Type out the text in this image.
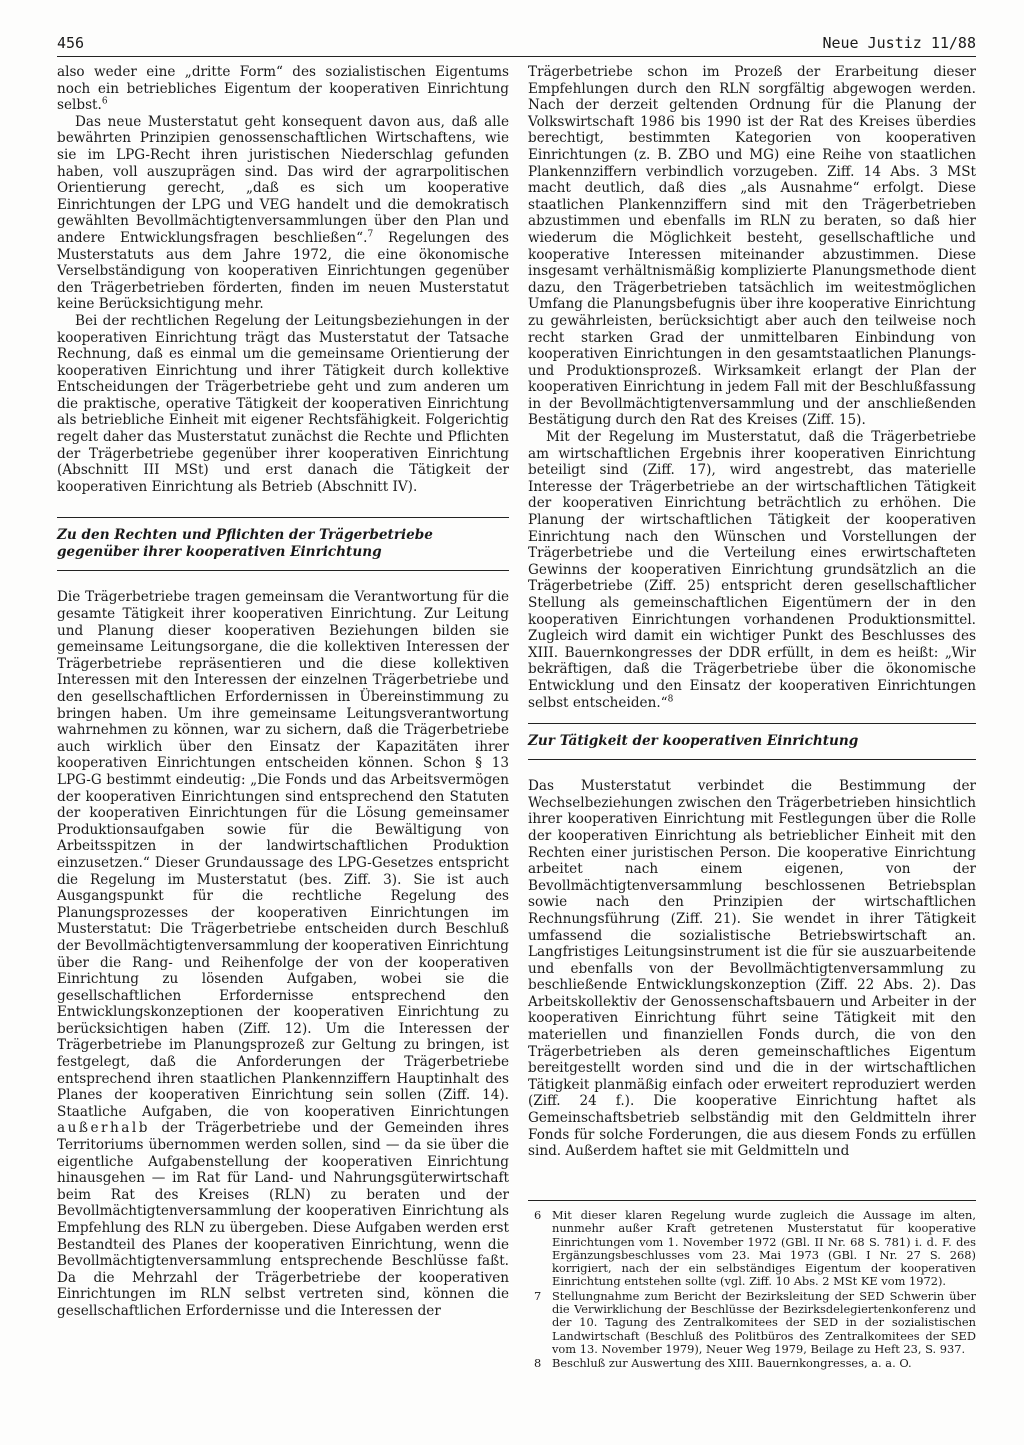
456	Neue Justiz 11/88

also weder eine „dritte Form“ des sozialistischen Eigentums noch ein betriebliches Eigentum der kooperativen Einrichtung selbst.$^6$

Das neue Musterstatut geht konsequent davon aus, daß alle bewährten Prinzipien genossenschaftlichen Wirtschaftens, wie sie im LPG-Recht ihren juristischen Niederschlag gefunden haben, voll auszuprägen sind. Das wird der agrarpolitischen Orientierung gerecht, „daß es sich um kooperative Einrichtungen der LPG und VEG handelt und die demokratisch gewählten Bevollmächtigtenversammlungen über den Plan und andere Entwicklungsfragen beschließen“.$^7$ Regelungen des Musterstatuts aus dem Jahre 1972, die eine ökonomische Verselbständigung von kooperativen Einrichtungen gegenüber den Trägerbetrieben förderten, finden im neuen Musterstatut keine Berücksichtigung mehr.

Bei der rechtlichen Regelung der Leitungsbeziehungen in der kooperativen Einrichtung trägt das Musterstatut der Tatsache Rechnung, daß es einmal um die gemeinsame Orientierung der kooperativen Einrichtung und ihrer Tätigkeit durch kollektive Entscheidungen der Trägerbetriebe geht und zum anderen um die praktische, operative Tätigkeit der kooperativen Einrichtung als betriebliche Einheit mit eigener Rechtsfähigkeit. Folgerichtig regelt daher das Musterstatut zunächst die Rechte und Pflichten der Trägerbetriebe gegenüber ihrer kooperativen Einrichtung (Abschnitt III MSt) und erst danach die Tätigkeit der kooperativen Einrichtung als Betrieb (Abschnitt IV).

Zu den Rechten und Pflichten der Trägerbetriebe
gegenüber ihrer kooperativen Einrichtung

Die Trägerbetriebe tragen gemeinsam die Verantwortung für die gesamte Tätigkeit ihrer kooperativen Einrichtung. Zur Leitung und Planung dieser kooperativen Beziehungen bilden sie gemeinsame Leitungsorgane, die die kollektiven Interessen der Trägerbetriebe repräsentieren und die diese kollektiven Interessen mit den Interessen der einzelnen Trägerbetriebe und den gesellschaftlichen Erfordernissen in Übereinstimmung zu bringen haben. Um ihre gemeinsame Leitungsverantwortung wahrnehmen zu können, war zu sichern, daß die Trägerbetriebe auch wirklich über den Einsatz der Kapazitäten ihrer kooperativen Einrichtungen entscheiden können. Schon § 13 LPG-G bestimmt eindeutig: „Die Fonds und das Arbeitsvermögen der kooperativen Einrichtungen sind entsprechend den Statuten der kooperativen Einrichtungen für die Lösung gemeinsamer Produktionsaufgaben sowie für die Bewältigung von Arbeitsspitzen in der landwirtschaftlichen Produktion einzusetzen.“ Dieser Grundaussage des LPG-Gesetzes entspricht die Regelung im Musterstatut (bes. Ziff. 3). Sie ist auch Ausgangspunkt für die rechtliche Regelung des Planungsprozesses der kooperativen Einrichtungen im Musterstatut: Die Trägerbetriebe entscheiden durch Beschluß der Bevollmächtigtenversammlung der kooperativen Einrichtung über die Rang- und Reihenfolge der von der kooperativen Einrichtung zu lösenden Aufgaben, wobei sie die gesellschaftlichen Erfordernisse entsprechend den Entwicklungskonzeptionen der kooperativen Einrichtung zu berücksichtigen haben (Ziff. 12). Um die Interessen der Trägerbetriebe im Planungsprozeß zur Geltung zu bringen, ist festgelegt, daß die Anforderungen der Trägerbetriebe entsprechend ihren staatlichen Plankennziffern Hauptinhalt des Planes der kooperativen Einrichtung sein sollen (Ziff. 14). Staatliche Aufgaben, die von kooperativen Einrichtungen außerhalb der Trägerbetriebe und der Gemeinden ihres Territoriums übernommen werden sollen, sind — da sie über die eigentliche Aufgabenstellung der kooperativen Einrichtung hinausgehen — im Rat für Land- und Nahrungsgüterwirtschaft beim Rat des Kreises (RLN) zu beraten und der Bevollmächtigtenversammlung der kooperativen Einrichtung als Empfehlung des RLN zu übergeben. Diese Aufgaben werden erst Bestandteil des Planes der kooperativen Einrichtung, wenn die Bevollmächtigtenversammlung entsprechende Beschlüsse faßt. Da die Mehrzahl der Trägerbetriebe der kooperativen Einrichtungen im RLN selbst vertreten sind, können die gesellschaftlichen Erfordernisse und die Interessen der

Trägerbetriebe schon im Prozeß der Erarbeitung dieser Empfehlungen durch den RLN sorgfältig abgewogen werden. Nach der derzeit geltenden Ordnung für die Planung der Volkswirtschaft 1986 bis 1990 ist der Rat des Kreises überdies berechtigt, bestimmten Kategorien von kooperativen Einrichtungen (z. B. ZBO und MG) eine Reihe von staatlichen Plankennziffern verbindlich vorzugeben. Ziff. 14 Abs. 3 MSt macht deutlich, daß dies „als Ausnahme“ erfolgt. Diese staatlichen Plankennziffern sind mit den Trägerbetrieben abzustimmen und ebenfalls im RLN zu beraten, so daß hier wiederum die Möglichkeit besteht, gesellschaftliche und kooperative Interessen miteinander abzustimmen. Diese insgesamt verhältnismäßig komplizierte Planungsmethode dient dazu, den Trägerbetrieben tatsächlich im weitestmöglichen Umfang die Planungsbefugnis über ihre kooperative Einrichtung zu gewährleisten, berücksichtigt aber auch den teilweise noch recht starken Grad der unmittelbaren Einbindung von kooperativen Einrichtungen in den gesamtstaatlichen Planungs- und Produktionsprozeß. Wirksamkeit erlangt der Plan der kooperativen Einrichtung in jedem Fall mit der Beschlußfassung in der Bevollmächtigtenversammlung und der anschließenden Bestätigung durch den Rat des Kreises (Ziff. 15).

Mit der Regelung im Musterstatut, daß die Trägerbetriebe am wirtschaftlichen Ergebnis ihrer kooperativen Einrichtung beteiligt sind (Ziff. 17), wird angestrebt, das materielle Interesse der Trägerbetriebe an der wirtschaftlichen Tätigkeit der kooperativen Einrichtung beträchtlich zu erhöhen. Die Planung der wirtschaftlichen Tätigkeit der kooperativen Einrichtung nach den Wünschen und Vorstellungen der Trägerbetriebe und die Verteilung eines erwirtschafteten Gewinns der kooperativen Einrichtung grundsätzlich an die Trägerbetriebe (Ziff. 25) entspricht deren gesellschaftlicher Stellung als gemeinschaftlichen Eigentümern der in den kooperativen Einrichtungen vorhandenen Produktionsmittel. Zugleich wird damit ein wichtiger Punkt des Beschlusses des XIII. Bauernkongresses der DDR erfüllt, in dem es heißt: „Wir bekräftigen, daß die Trägerbetriebe über die ökonomische Entwicklung und den Einsatz der kooperativen Einrichtungen selbst entscheiden.“$^8$

Zur Tätigkeit der kooperativen Einrichtung

Das Musterstatut verbindet die Bestimmung der Wechselbeziehungen zwischen den Trägerbetrieben hinsichtlich ihrer kooperativen Einrichtung mit Festlegungen über die Rolle der kooperativen Einrichtung als betrieblicher Einheit mit den Rechten einer juristischen Person. Die kooperative Einrichtung arbeitet nach einem eigenen, von der Bevollmächtigtenversammlung beschlossenen Betriebsplan sowie nach den Prinzipien der wirtschaftlichen Rechnungsführung (Ziff. 21). Sie wendet in ihrer Tätigkeit umfassend die sozialistische Betriebswirtschaft an. Langfristiges Leitungsinstrument ist die für sie auszuarbeitende und ebenfalls von der Bevollmächtigtenversammlung zu beschließende Entwicklungskonzeption (Ziff. 22 Abs. 2). Das Arbeitskollektiv der Genossenschaftsbauern und Arbeiter in der kooperativen Einrichtung führt seine Tätigkeit mit den materiellen und finanziellen Fonds durch, die von den Trägerbetrieben als deren gemeinschaftliches Eigentum bereitgestellt worden sind und die in der wirtschaftlichen Tätigkeit planmäßig einfach oder erweitert reproduziert werden (Ziff. 24 f.). Die kooperative Einrichtung haftet als Gemeinschaftsbetrieb selbständig mit den Geldmitteln ihrer Fonds für solche Forderungen, die aus diesem Fonds zu erfüllen sind. Außerdem haftet sie mit Geldmitteln und

6 Mit dieser klaren Regelung wurde zugleich die Aussage im alten, nunmehr außer Kraft getretenen Musterstatut für kooperative Einrichtungen vom 1. November 1972 (GBl. II Nr. 68 S. 781) i. d. F. des Ergänzungsbeschlusses vom 23. Mai 1973 (GBl. I Nr. 27 S. 268) korrigiert, nach der ein selbständiges Eigentum der kooperativen Einrichtung entstehen sollte (vgl. Ziff. 10 Abs. 2 MSt KE vom 1972).
7 Stellungnahme zum Bericht der Bezirksleitung der SED Schwerin über die Verwirklichung der Beschlüsse der Bezirksdelegiertenkonferenz und der 10. Tagung des Zentralkomitees der SED in der sozialistischen Landwirtschaft (Beschluß des Politbüros des Zentralkomitees der SED vom 13. November 1979), Neuer Weg 1979, Beilage zu Heft 23, S. 937.
8 Beschluß zur Auswertung des XIII. Bauernkongresses, a. a. O.
